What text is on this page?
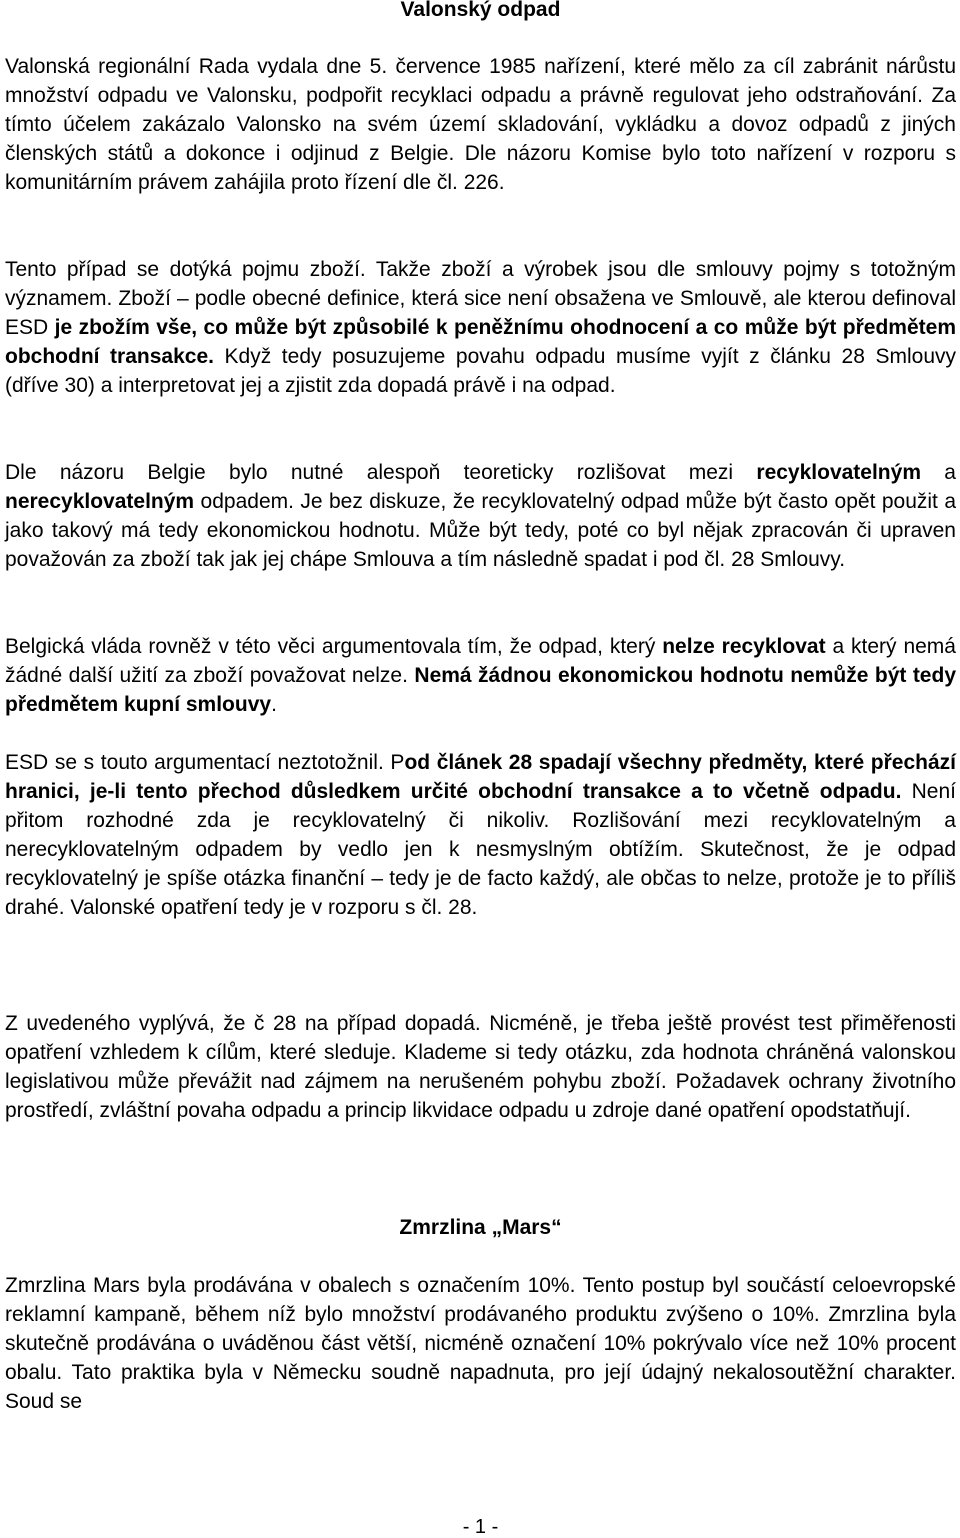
Valonský odpad

Valonská regionální Rada vydala dne 5. července 1985 nařízení, které mělo za cíl zabránit nárůstu množství odpadu ve Valonsku, podpořit recyklaci odpadu a právně regulovat jeho odstraňování. Za tímto účelem zakázalo Valonsko na svém území skladování, vykládku a dovoz odpadů z jiných členských států a dokonce i odjinud z Belgie. Dle názoru Komise bylo toto nařízení v rozporu s komunitárním právem zahájila proto řízení dle čl. 226.

Tento případ se dotýká pojmu zboží. Takže zboží a výrobek jsou dle smlouvy pojmy s totožným významem. Zboží – podle obecné definice, která sice není obsažena ve Smlouvě, ale kterou definoval ESD je zbožím vše, co může být způsobilé k peněžnímu ohodnocení a co může být předmětem obchodní transakce. Když tedy posuzujeme povahu odpadu musíme vyjít z článku 28 Smlouvy (dříve 30) a interpretovat jej a zjistit zda dopadá právě i na odpad.

Dle názoru Belgie bylo nutné alespoň teoreticky rozlišovat mezi recyklovatelným a nerecyklovatelným odpadem. Je bez diskuze, že recyklovatelný odpad může být často opět použit a jako takový má tedy ekonomickou hodnotu. Může být tedy, poté co byl nějak zpracován či upraven považován za zboží tak jak jej chápe Smlouva a tím následně spadat i pod čl. 28 Smlouvy.

Belgická vláda rovněž v této věci argumentovala tím, že odpad, který nelze recyklovat a který nemá žádné další užití za zboží považovat nelze. Nemá žádnou ekonomickou hodnotu nemůže být tedy předmětem kupní smlouvy.

ESD se s touto argumentací neztotožnil. Pod článek 28 spadají všechny předměty, které přechází hranici, je-li tento přechod důsledkem určité obchodní transakce a to včetně odpadu. Není přitom rozhodné zda je recyklovatelný či nikoliv. Rozlišování mezi recyklovatelným a nerecyklovatelným odpadem by vedlo jen k nesmyslným obtížím. Skutečnost, že je odpad recyklovatelný je spíše otázka finanční – tedy je de facto každý, ale občas to nelze, protože je to příliš drahé. Valonské opatření tedy je v rozporu s čl. 28.

Z uvedeného vyplývá, že č 28 na případ dopadá. Nicméně, je třeba ještě provést test přiměřenosti opatření vzhledem k cílům, které sleduje. Klademe si tedy otázku, zda hodnota chráněná valonskou legislativou může převážit nad zájmem na nerušeném pohybu zboží. Požadavek ochrany životního prostředí, zvláštní povaha odpadu a princip likvidace odpadu u zdroje dané opatření opodstatňují.

Zmrzlina „Mars“

Zmrzlina Mars byla prodávána v obalech s označením 10%. Tento postup byl součástí celoevropské reklamní kampaně, během níž bylo množství prodávaného produktu zvýšeno o 10%. Zmrzlina byla skutečně prodávána o uváděnou část větší, nicméně označení 10% pokrývalo více než 10% procent obalu. Tato praktika byla v Německu soudně napadnuta, pro její údajný nekalosoutěžní charakter. Soud se

- 1 -
